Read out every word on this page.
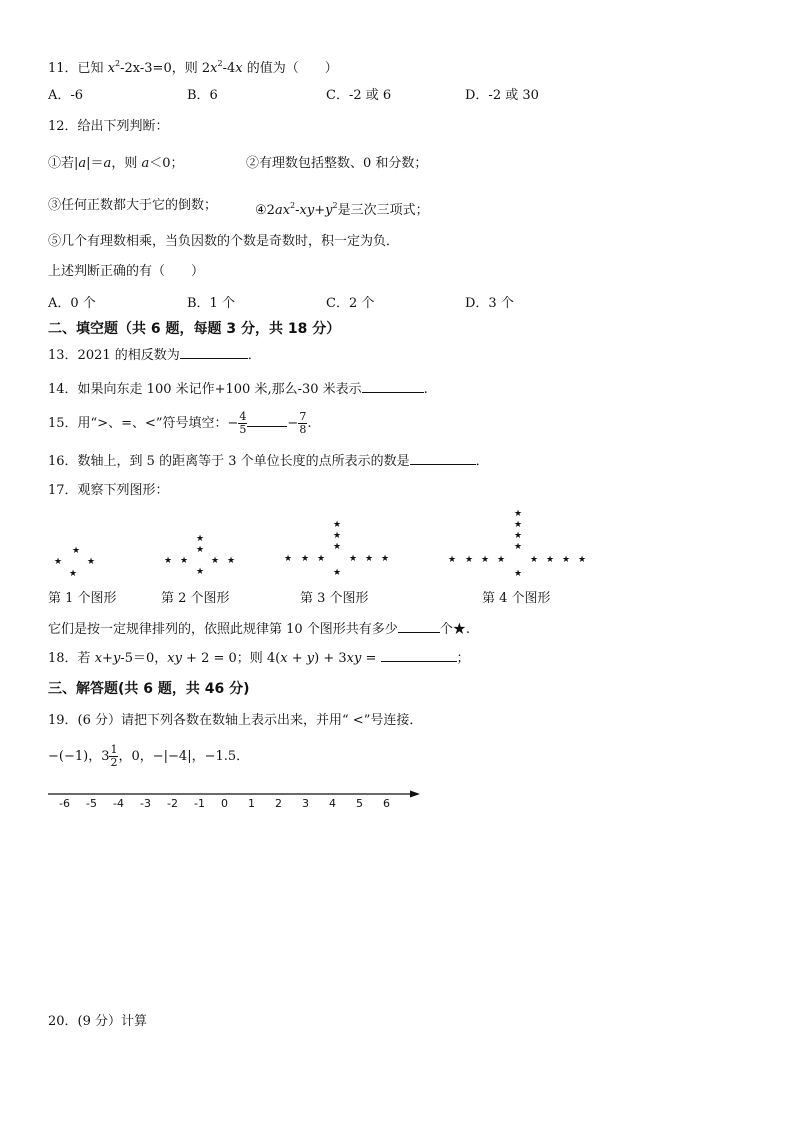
11．已知 $x^2-2x-3=0$，则 $2x^2-4x$ 的值为（　　）
A．-6	B．6	C．-2 或 6	D．-2 或 30
12．给出下列判断：
①若|a|＝a，则 a＜0；	②有理数包括整数、0 和分数；
③任何正数都大于它的倒数；	$④2ax^2-xy+y^2$是三次三项式；
⑤几个有理数相乘，当负因数的个数是奇数时，积一定为负．
上述判断正确的有（　　）
A．0 个	B．1 个	C．2 个	D．3 个
二、填空题（共 6 题，每题 3 分，共 18 分）
13．2021 的相反数为	．
14．如果向东走 100 米记作+100 米,那么-30 米表示	.
15．用“>、=、<”符号填空：− $\frac{4}{5}$	− $\frac{7}{8}$ .
16．数轴上，到 5 的距离等于 3 个单位长度的点所表示的数是	．
17．观察下列图形：
★
★	★
★
★
★
★ ★	★ ★
★
★
★
★
★ ★ ★	★ ★ ★
★
★
★
★
★
★ ★ ★ ★	★ ★ ★ ★
★
第 1 个图形	第 2 个图形	第 3 个图形	第 4 个图形
它们是按一定规律排列的，依照此规律第 10 个图形共有多少	个★.
18．若 x+y-5＝0，xy + 2 = 0；则 4(x + y) + 3xy =	；
三、解答题(共 6 题，共 46 分)
19．(6 分）请把下列各数在数轴上表示出来，并用“ <”号连接．
−(−1)，$3 \frac{1}{2}$ ，0，−|−4|，−1.5．
-6 -5 -4 -3 -2 -1 0 1 2 3 4 5 6
20．(9 分）计算
